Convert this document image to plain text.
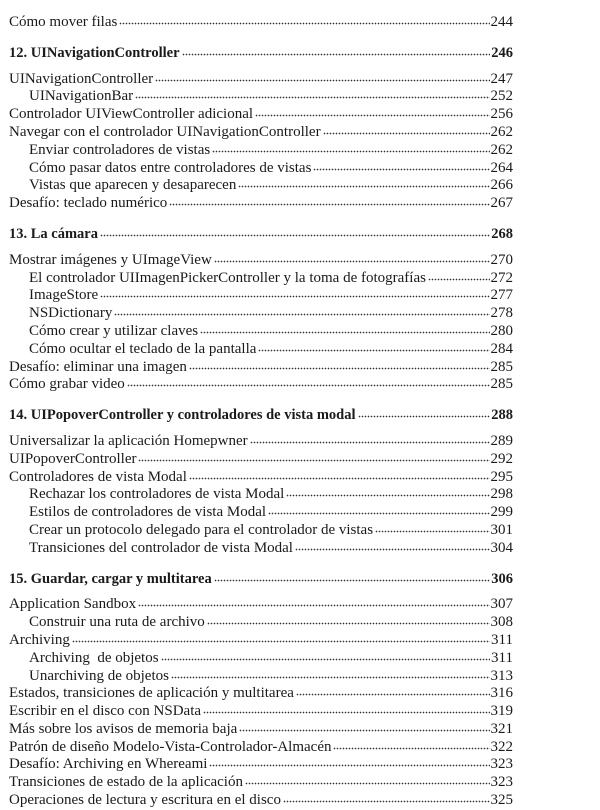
Cómo mover filas	244
12. UINavigationController	246
UINavigationController	247
UINavigationBar	252
Controlador UIViewController adicional	256
Navegar con el controlador UINavigationController	262
Enviar controladores de vistas	262
Cómo pasar datos entre controladores de vistas	264
Vistas que aparecen y desaparecen	266
Desafío: teclado numérico	267
13. La cámara	268
Mostrar imágenes y UImageView	270
El controlador UIImagenPickerController y la toma de fotografías	272
ImageStore	277
NSDictionary	278
Cómo crear y utilizar claves	280
Cómo ocultar el teclado de la pantalla	284
Desafío: eliminar una imagen	285
Cómo grabar video	285
14. UIPopoverController y controladores de vista modal	288
Universalizar la aplicación Homepwner	289
UIPopoverController	292
Controladores de vista Modal	295
Rechazar los controladores de vista Modal	298
Estilos de controladores de vista Modal	299
Crear un protocolo delegado para el controlador de vistas	301
Transiciones del controlador de vista Modal	304
15. Guardar, cargar y multitarea	306
Application Sandbox	307
Construir una ruta de archivo	308
Archiving	311
Archiving  de objetos	311
Unarchiving de objetos	313
Estados, transiciones de aplicación y multitarea	316
Escribir en el disco con NSData	319
Más sobre los avisos de memoria baja	321
Patrón de diseño Modelo-Vista-Controlador-Almacén	322
Desafío: Archiving en Whereami	323
Transiciones de estado de la aplicación	323
Operaciones de lectura y escritura en el disco	325
